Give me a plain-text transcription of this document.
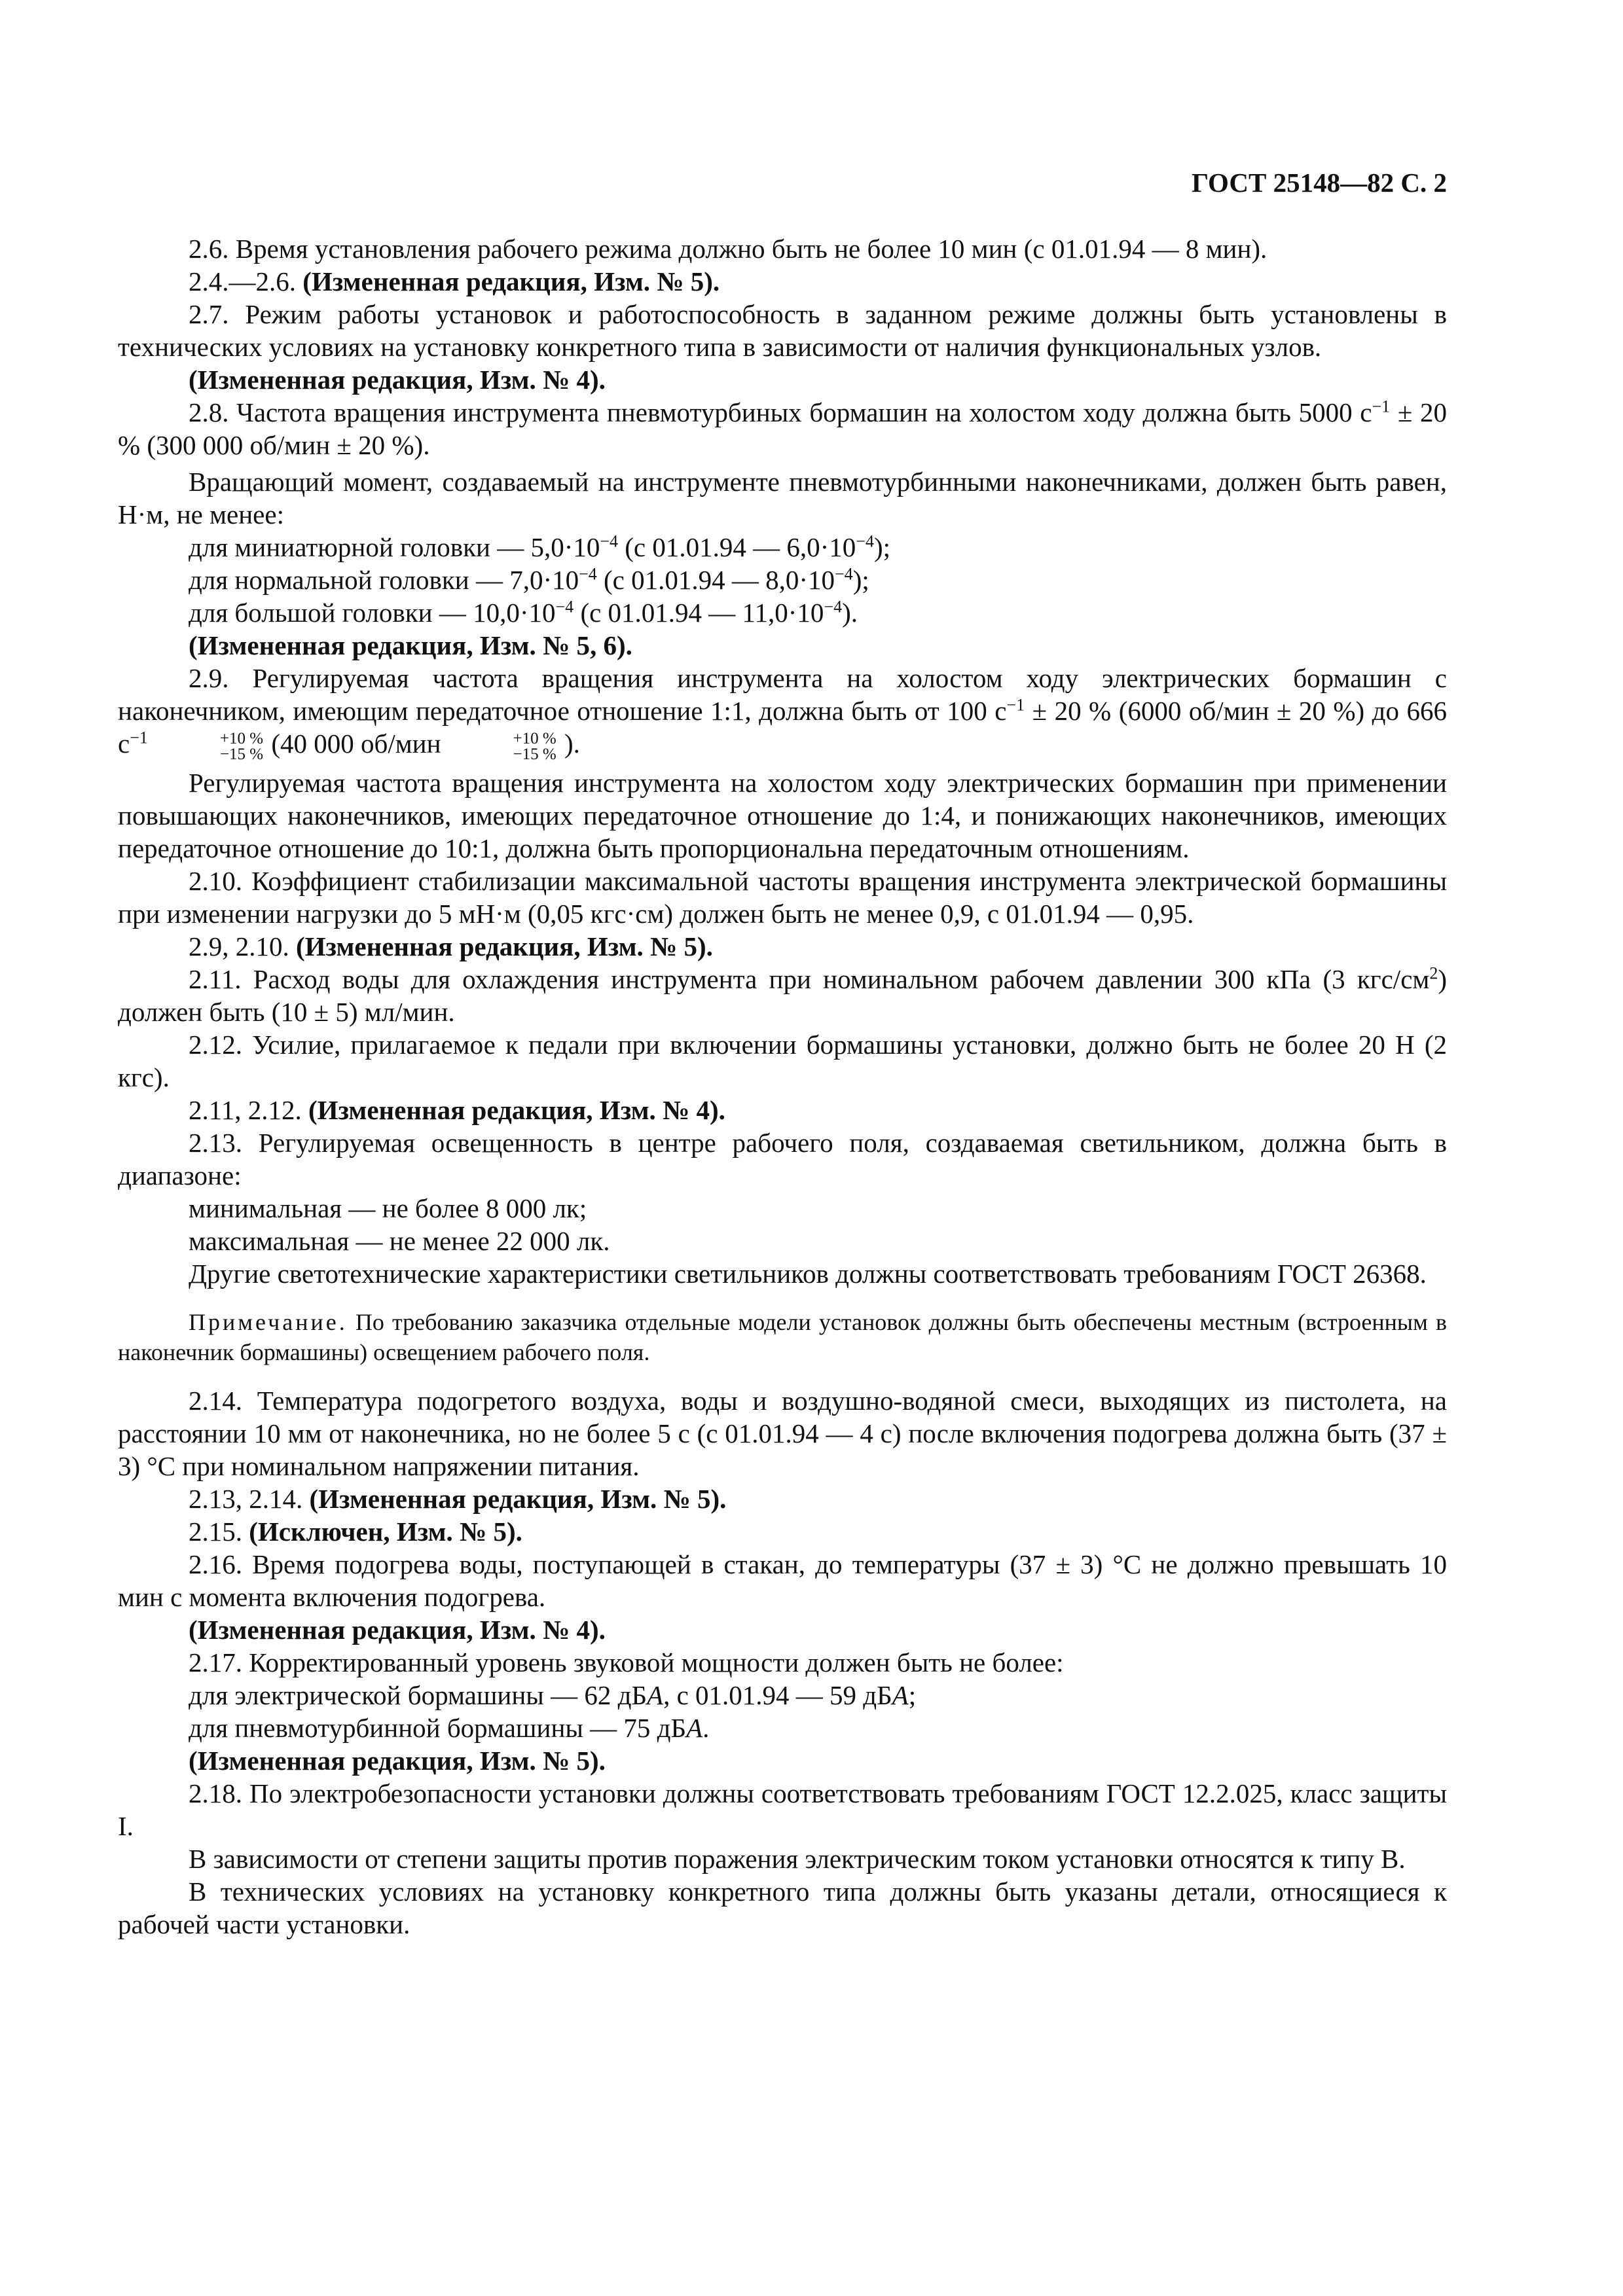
ГОСТ 25148—82 С. 2

2.6. Время установления рабочего режима должно быть не более 10 мин (с 01.01.94 — 8 мин).

2.4.—2.6. (Измененная редакция, Изм. № 5).

2.7. Режим работы установок и работоспособность в заданном режиме должны быть установлены в технических условиях на установку конкретного типа в зависимости от наличия функциональных узлов.

(Измененная редакция, Изм. № 4).

2.8. Частота вращения инструмента пневмотурбиных бормашин на холостом ходу должна быть 5000 $с^{-1} \pm 20$ % (300 000 об/мин ± 20 %).

Вращающий момент, создаваемый на инструменте пневмотурбинными наконечниками, должен быть равен, Н·м, не менее:

для миниатюрной головки — $5,0\cdot 10^{-4}$ (с 01.01.94 — $6,0\cdot 10^{-4}$);

для нормальной головки — $7,0\cdot 10^{-4}$ (с 01.01.94 — $8,0\cdot 10^{-4}$);

для большой головки — $10,0\cdot 10^{-4}$ (с 01.01.94 — $11,0\cdot 10^{-4}$).

(Измененная редакция, Изм. № 5, 6).

2.9. Регулируемая частота вращения инструмента на холостом ходу электрических бормашин с наконечником, имеющим передаточное отношение 1:1, должна быть от 100 $с^{-1} \pm 20$ % (6000 об/мин ± 20 %) до 666 $с^{-1}$	+10 %
−15 % (40 000 об/мин	+10 %
−15 % ).

Регулируемая частота вращения инструмента на холостом ходу электрических бормашин при применении повышающих наконечников, имеющих передаточное отношение до 1:4, и понижающих наконечников, имеющих передаточное отношение до 10:1, должна быть пропорциональна передаточным отношениям.

2.10. Коэффициент стабилизации максимальной частоты вращения инструмента электрической бормашины при изменении нагрузки до 5 мН·м (0,05 кгс·см) должен быть не менее 0,9, с 01.01.94 — 0,95.

2.9, 2.10. (Измененная редакция, Изм. № 5).

2.11. Расход воды для охлаждения инструмента при номинальном рабочем давлении 300 кПа (3 кгс/$см^2$) должен быть (10 ± 5) мл/мин.

2.12. Усилие, прилагаемое к педали при включении бормашины установки, должно быть не более 20 Н (2 кгс).

2.11, 2.12. (Измененная редакция, Изм. № 4).

2.13. Регулируемая освещенность в центре рабочего поля, создаваемая светильником, должна быть в диапазоне:

минимальная — не более 8 000 лк;

максимальная — не менее 22 000 лк.

Другие светотехнические характеристики светильников должны соответствовать требованиям ГОСТ 26368.

Примечание. По требованию заказчика отдельные модели установок должны быть обеспечены местным (встроенным в наконечник бормашины) освещением рабочего поля.

2.14. Температура подогретого воздуха, воды и воздушно-водяной смеси, выходящих из пистолета, на расстоянии 10 мм от наконечника, но не более 5 с (с 01.01.94 — 4 с) после включения подогрева должна быть (37 ± 3) °С при номинальном напряжении питания.

2.13, 2.14. (Измененная редакция, Изм. № 5).

2.15. (Исключен, Изм. № 5).

2.16. Время подогрева воды, поступающей в стакан, до температуры (37 ± 3) °С не должно превышать 10 мин с момента включения подогрева.

(Измененная редакция, Изм. № 4).

2.17. Корректированный уровень звуковой мощности должен быть не более:

для электрической бормашины — 62 дБA, с 01.01.94 — 59 дБA;

для пневмотурбинной бормашины — 75 дБA.

(Измененная редакция, Изм. № 5).

2.18. По электробезопасности установки должны соответствовать требованиям ГОСТ 12.2.025, класс защиты I.

В зависимости от степени защиты против поражения электрическим током установки относятся к типу В.

В технических условиях на установку конкретного типа должны быть указаны детали, относящиеся к рабочей части установки.
